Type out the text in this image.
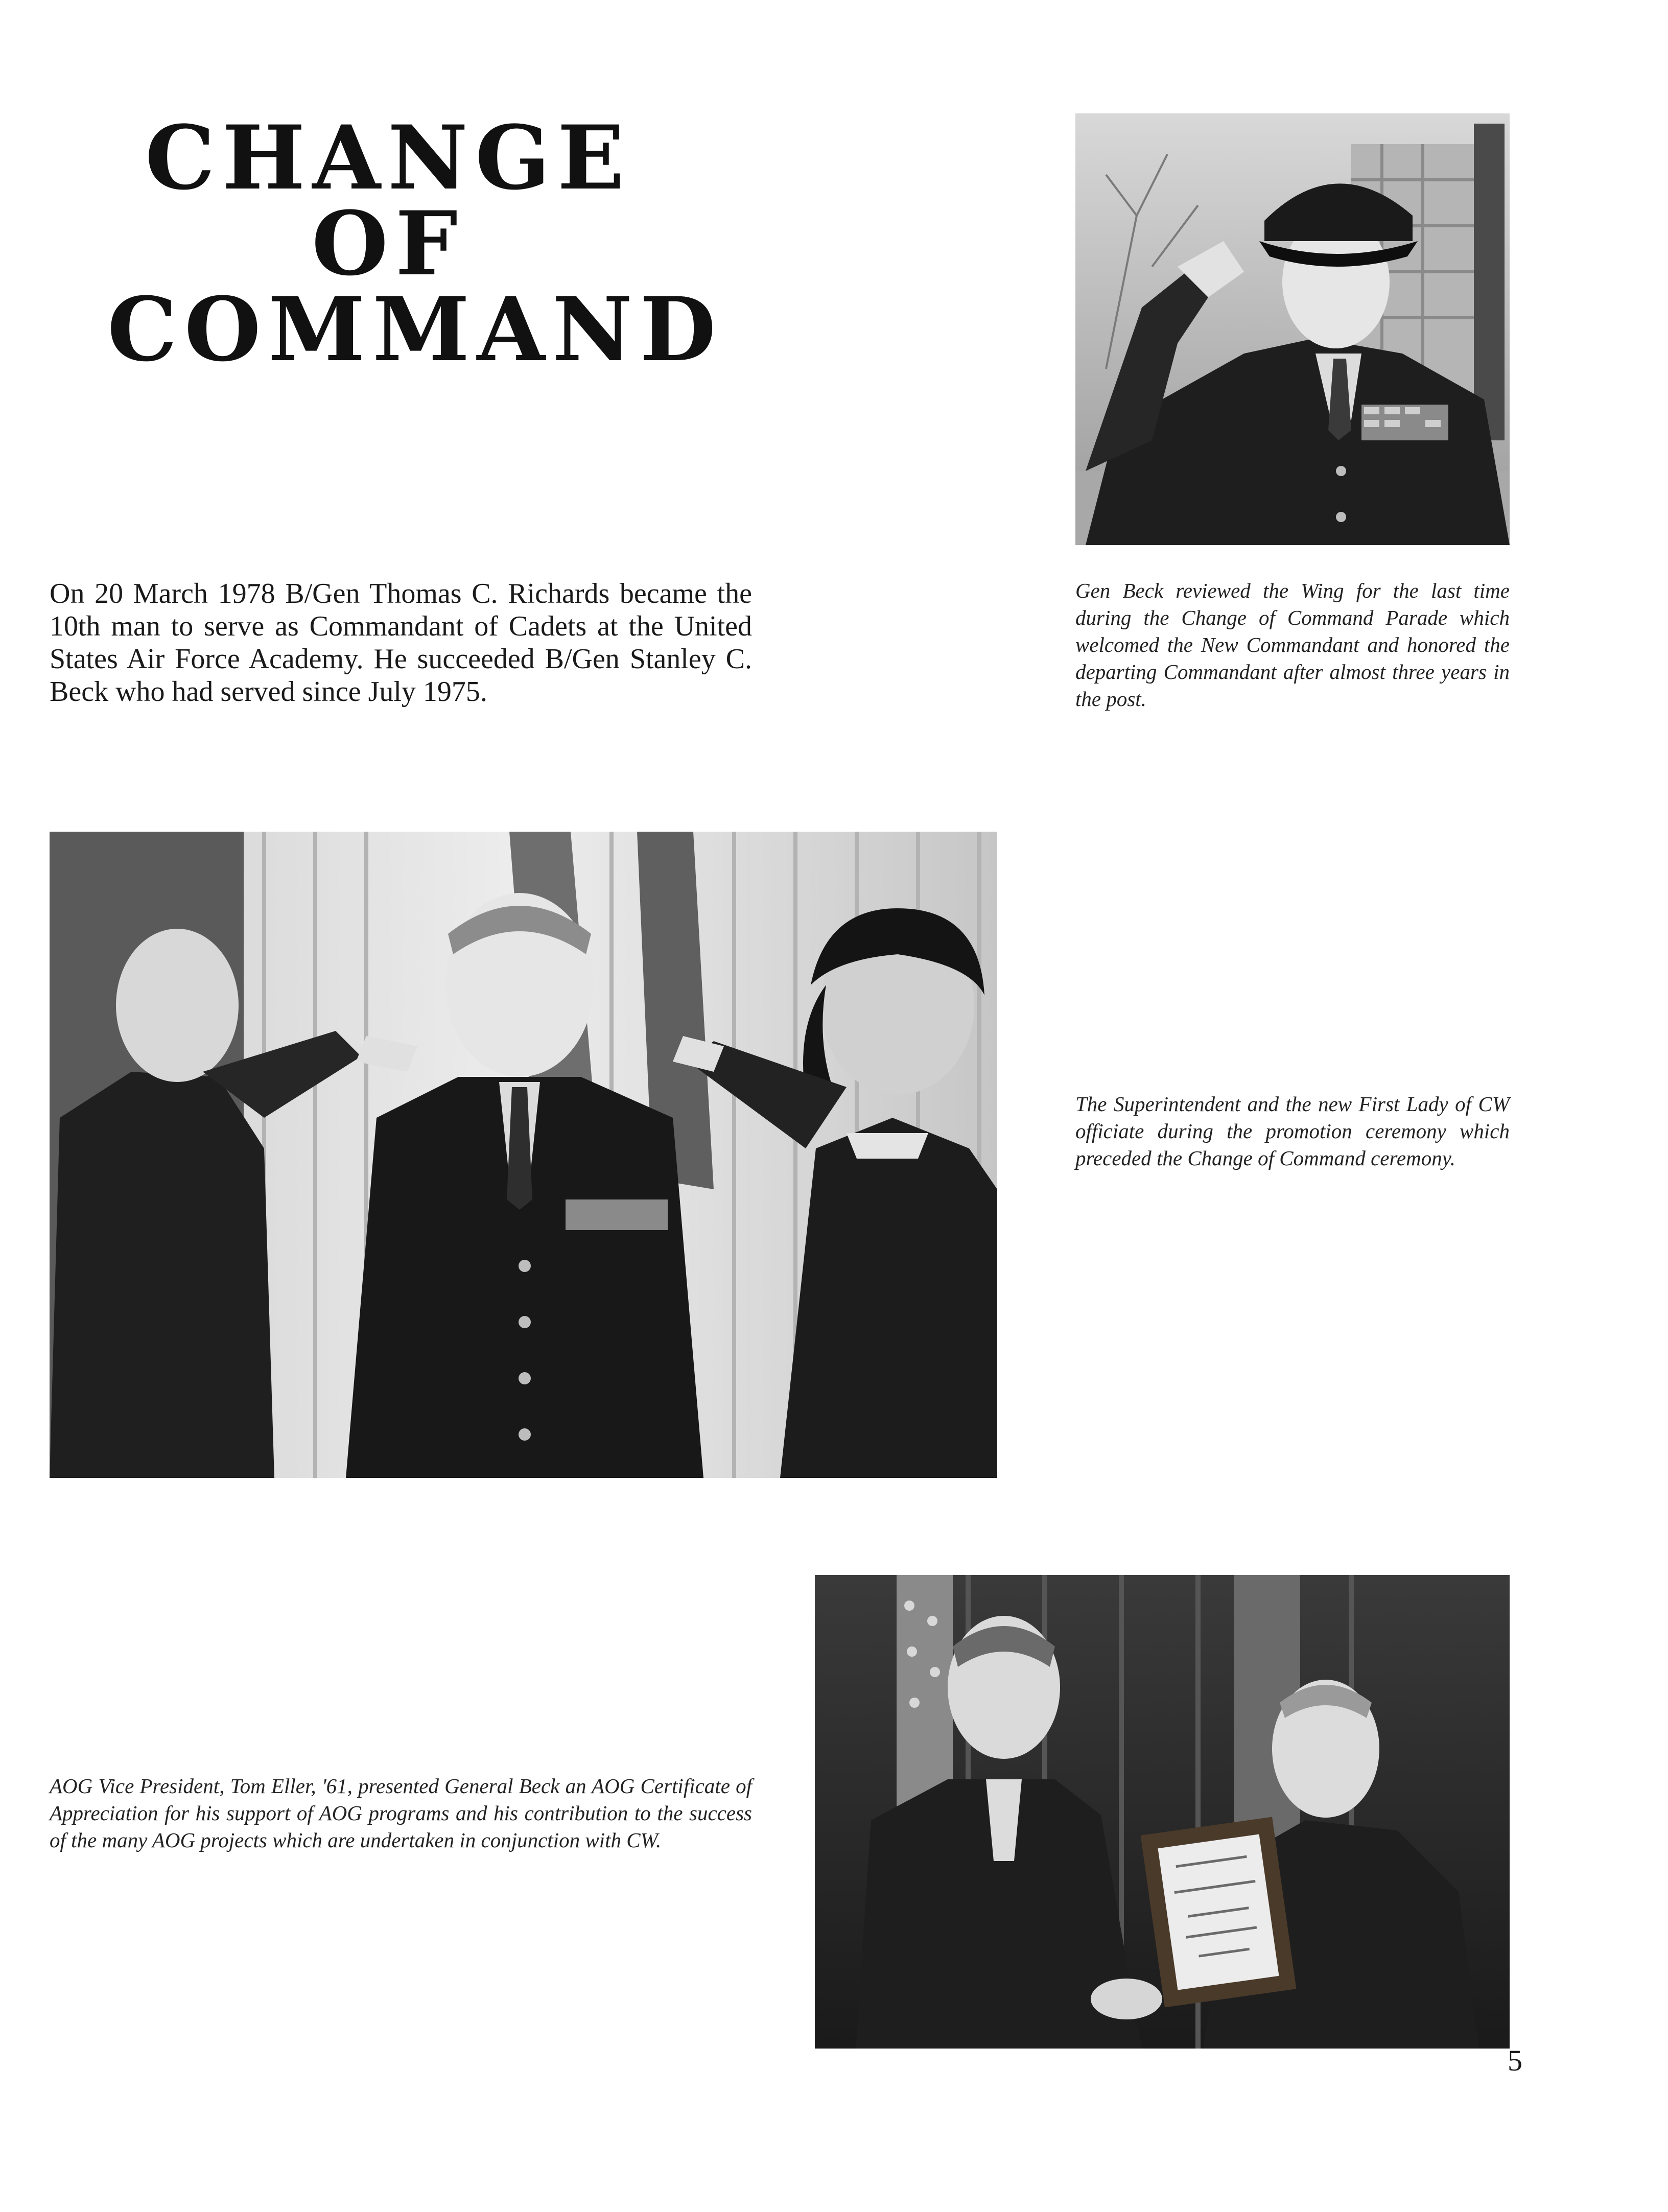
CHANGE
OF
COMMAND

On 20 March 1978 B/Gen Thomas C. Richards became the 10th man to serve as Commandant of Cadets at the United States Air Force Academy. He succeeded B/Gen Stanley C. Beck who had served since July 1975.

Gen Beck reviewed the Wing for the last time during the Change of Command Parade which welcomed the New Commandant and honored the departing Commandant after almost three years in the post.

The Superintendent and the new First Lady of CW officiate during the promotion ceremony which preceded the Change of Command ceremony.

AOG Vice President, Tom Eller, '61, presented General Beck an AOG Certificate of Appreciation for his support of AOG programs and his contribution to the success of the many AOG projects which are undertaken in conjunction with CW.

5
